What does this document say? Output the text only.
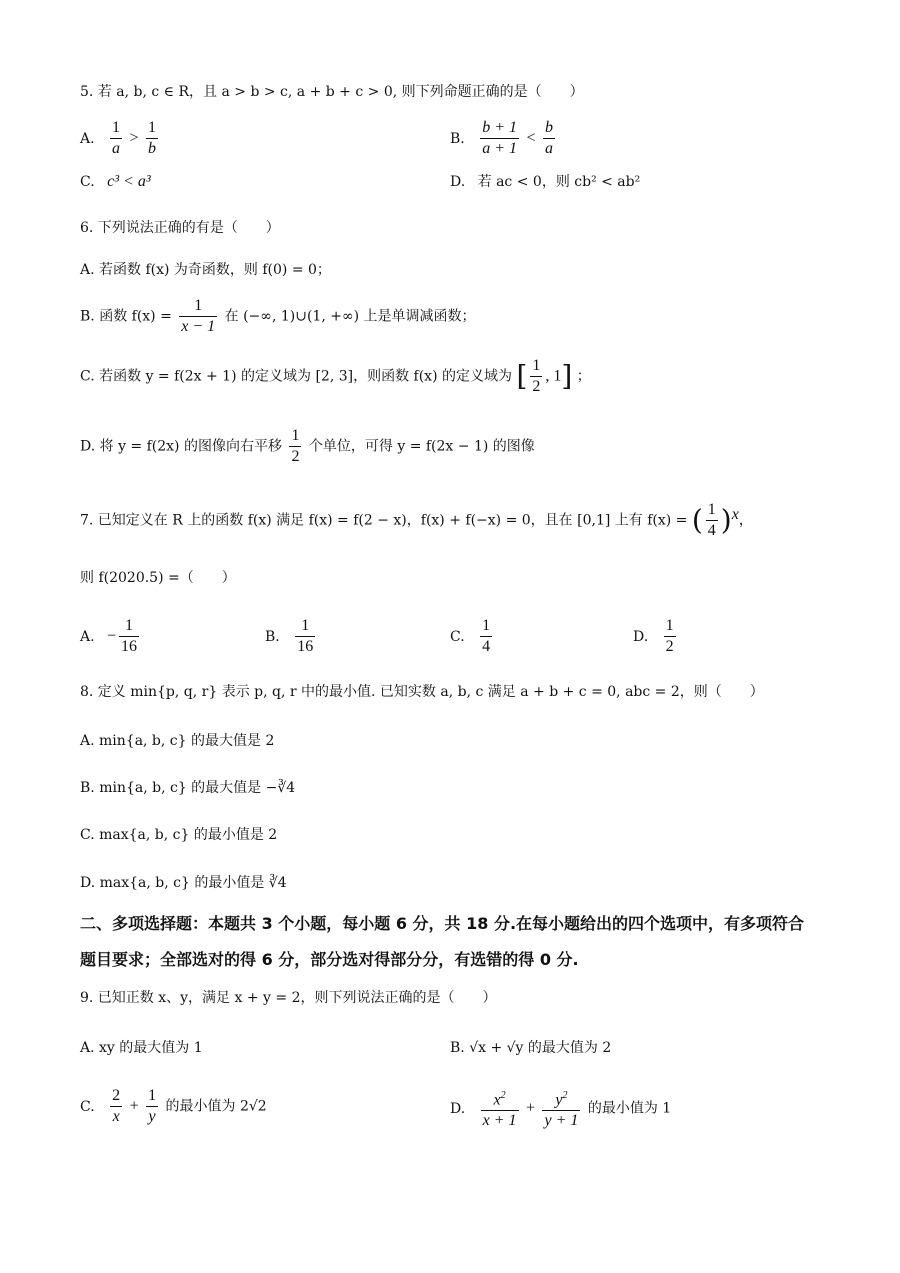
5. 若 a, b, c ∈ R，且 a > b > c, a + b + c > 0, 则下列命题正确的是（　　）
A. $\frac{1}{a} > \frac{1}{b}$	B. $\frac{b + 1}{a + 1} < \frac{b}{a}$
C. c³ < a³	D. 若 ac < 0，则 cb² < ab²
6. 下列说法正确的有是（　　）
A. 若函数 f(x) 为奇函数，则 f(0) = 0；
B. 函数 $f(x) = \frac{1}{x - 1}$ 在 (−∞, 1)∪(1, +∞) 上是单调减函数；
C. 若函数 y = f(2x + 1) 的定义域为 [2, 3]，则函数 f(x) 的定义域为 [ $\frac{1}{2}$ , 1] ；
D. 将 y = f(2x) 的图像向右平移 $\frac{1}{2}$ 个单位，可得 y = f(2x − 1) 的图像
7. 已知定义在 R 上的函数 f(x) 满足 f(x) = f(2 − x)，f(x) + f(−x) = 0，且在 [0,1] 上有 f(x) = ( $\frac{1}{4} )^x$，
则 f(2020.5) =（　　）
A. − $\frac{1}{16}$	B. $\frac{1}{16}$	C. $\frac{1}{4}$	D. $\frac{1}{2}$
8. 定义 min{p, q, r} 表示 p, q, r 中的最小值. 已知实数 a, b, c 满足 a + b + c = 0, abc = 2，则（　　）
A. min{a, b, c} 的最大值是 2
B. min{a, b, c} 的最大值是 −∛4
C. max{a, b, c} 的最小值是 2
D. max{a, b, c} 的最小值是 ∛4
二、多项选择题：本题共 3 个小题，每小题 6 分，共 18 分.在每小题给出的四个选项中，有多项符合题目要求；全部选对的得 6 分，部分选对得部分分，有选错的得 0 分.
9. 已知正数 x、y，满足 x + y = 2，则下列说法正确的是（　　）
A. xy 的最大值为 1	B. √x + √y 的最大值为 2
C. $\frac{2}{x} + \frac{1}{y}$ 的最小值为 2√2	D. $\frac{x^2}{x + 1} + \frac{y^2}{y + 1}$ 的最小值为 1
